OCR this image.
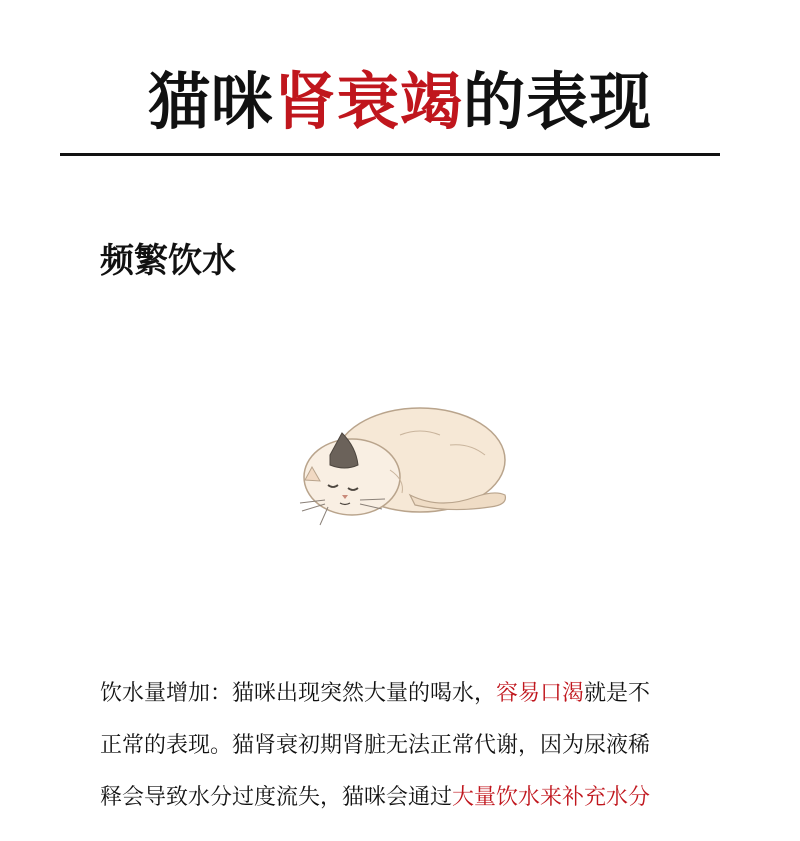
猫咪肾衰竭的表现
频繁饮水
饮水量增加：猫咪出现突然大量的喝水，容易口渴就是不
正常的表现。猫肾衰初期肾脏无法正常代谢，因为尿液稀
释会导致水分过度流失，猫咪会通过大量饮水来补充水分
